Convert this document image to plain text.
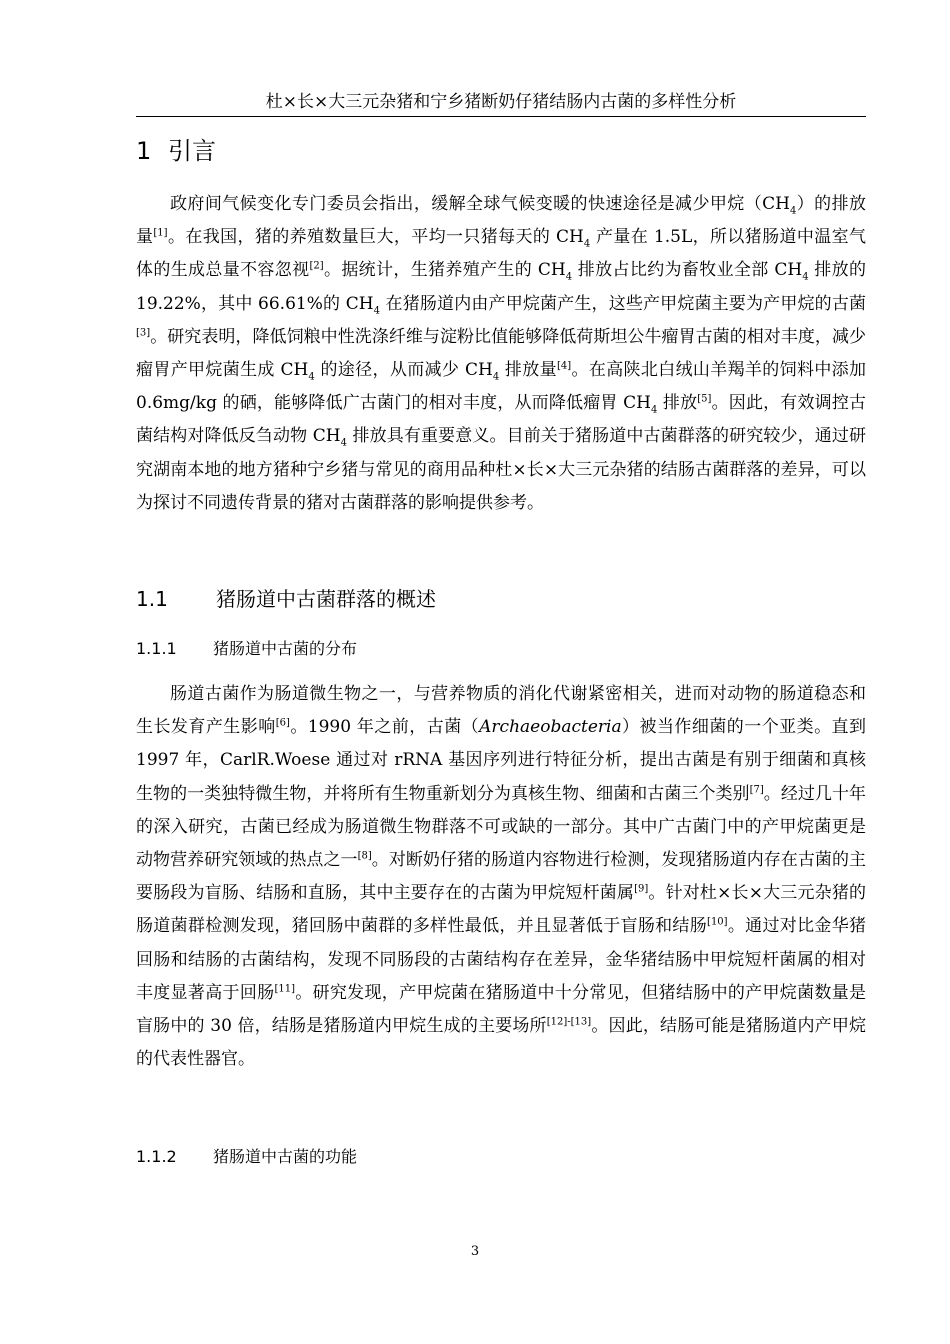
杜×长×大三元杂猪和宁乡猪断奶仔猪结肠内古菌的多样性分析
1 引言

政府间气候变化专门委员会指出，缓解全球气候变暖的快速途径是减少甲烷$(CH_4)$的排放量[1]。在我国，猪的养殖数量巨大，平均一只猪每天的 $CH_4$ 产量在 1.5L，所以猪肠道中温室气体的生成总量不容忽视[2]。据统计，生猪养殖产生的 $CH_4$ 排放占比约为畜牧业全部 $CH_4$ 排放的 19.22%，其中 66.61%的 $CH_4$ 在猪肠道内由产甲烷菌产生，这些产甲烷菌主要为产甲烷的古菌[3]。研究表明，降低饲粮中性洗涤纤维与淀粉比值能够降低荷斯坦公牛瘤胃古菌的相对丰度，减少瘤胃产甲烷菌生成 $CH_4$ 的途径，从而减少 $CH_4$ 排放量[4]。在高陕北白绒山羊羯羊的饲料中添加 0.6mg/kg 的硒，能够降低广古菌门的相对丰度，从而降低瘤胃 $CH_4$ 排放[5]。因此，有效调控古菌结构对降低反刍动物 $CH_4$ 排放具有重要意义。目前关于猪肠道中古菌群落的研究较少，通过研究湖南本地的地方猪种宁乡猪与常见的商用品种杜×长×大三元杂猪的结肠古菌群落的差异，可以为探讨不同遗传背景的猪对古菌群落的影响提供参考。

1.1 猪肠道中古菌群落的概述
1.1.1 猪肠道中古菌的分布

肠道古菌作为肠道微生物之一，与营养物质的消化代谢紧密相关，进而对动物的肠道稳态和生长发育产生影响[6]。1990 年之前，古菌（Archaeobacteria）被当作细菌的一个亚类。直到 1997 年，CarlR.Woese 通过对 rRNA 基因序列进行特征分析，提出古菌是有别于细菌和真核生物的一类独特微生物，并将所有生物重新划分为真核生物、细菌和古菌三个类别[7]。经过几十年的深入研究，古菌已经成为肠道微生物群落不可或缺的一部分。其中广古菌门中的产甲烷菌更是动物营养研究领域的热点之一[8]。对断奶仔猪的肠道内容物进行检测，发现猪肠道内存在古菌的主要肠段为盲肠、结肠和直肠，其中主要存在的古菌为甲烷短杆菌属[9]。针对杜×长×大三元杂猪的肠道菌群检测发现，猪回肠中菌群的多样性最低，并且显著低于盲肠和结肠[10]。通过对比金华猪回肠和结肠的古菌结构，发现不同肠段的古菌结构存在差异，金华猪结肠中甲烷短杆菌属的相对丰度显著高于回肠[11]。研究发现，产甲烷菌在猪肠道中十分常见，但猪结肠中的产甲烷菌数量是盲肠中的 30 倍，结肠是猪肠道内甲烷生成的主要场所[12]-[13]。因此，结肠可能是猪肠道内产甲烷的代表性器官。

1.1.2 猪肠道中古菌的功能
3
